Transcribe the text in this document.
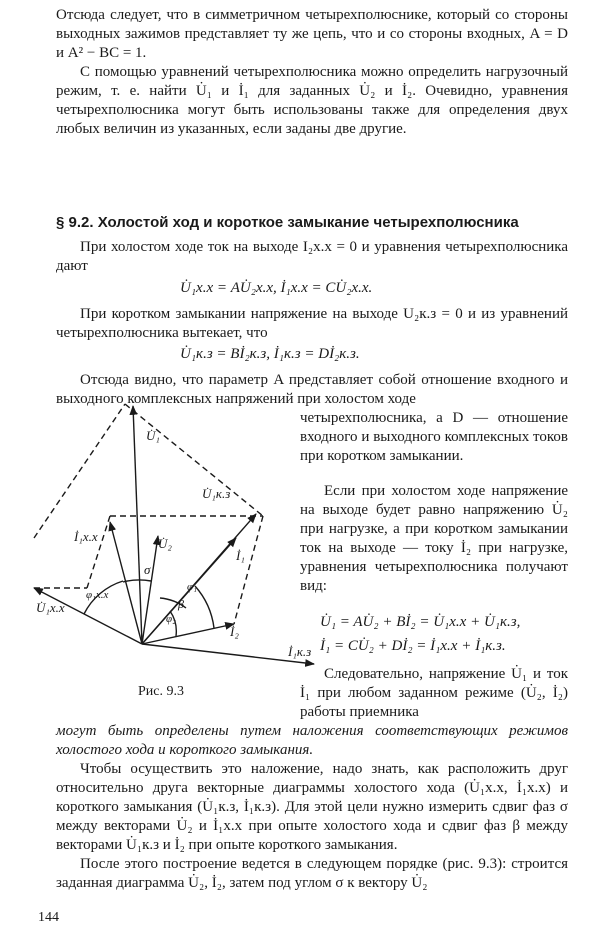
Отсюда следует, что в симметричном четырехполюснике, который со стороны выходных зажимов представляет ту же цепь, что и со стороны входных, A = D и A² − BC = 1.

С помощью уравнений четырехполюсника можно определить нагрузочный режим, т. е. найти U̇₁ и İ₁ для заданных U̇₂ и İ₂. Очевидно, уравнения четырехполюсника могут быть использованы также для определения двух любых величин из указанных, если заданы две другие.

§ 9.2. Холостой ход и короткое замыкание четырехполюсника

При холостом ходе ток на выходе I₂х.х = 0 и уравнения четырехполюсника дают

U̇₁х.х = AU̇₂х.х, İ₁х.х = CU̇₂х.х.

При коротком замыкании напряжение на выходе U₂к.з = 0 и из уравнений четырехполюсника вытекает, что

U̇₁к.з = Bİ₂к.з, İ₁к.з = Dİ₂к.з.

Отсюда видно, что параметр A представляет собой отношение входного и выходного комплексных напряжений при холостом ходе

четырехполюсника, а D — отношение входного и выходного комплексных токов при коротком замыкании.

Если при холостом ходе напряжение на выходе будет равно напряжению U̇₂ при нагрузке, а при коротком замыкании ток на выходе — току İ₂ при нагрузке, уравнения четырехполюсника получают вид:

U̇₁ = AU̇₂ + Bİ₂ = U̇₁х.х + U̇₁к.з,
İ₁ = CU̇₂ + Dİ₂ = İ₁х.х + İ₁к.з.

Следовательно, напряжение U̇₁ и ток İ₁ при любом заданном режиме (U̇₂, İ₂) работы приемника

могут быть определены путем наложения соответствующих режимов холостого хода и короткого замыкания.

Чтобы осуществить это наложение, надо знать, как расположить друг относительно друга векторные диаграммы холостого хода (U̇₁х.х, İ₁х.х) и короткого замыкания (U̇₁к.з, İ₁к.з). Для этой цели нужно измерить сдвиг фаз σ между векторами U̇₂ и İ₁х.х при опыте холостого хода и сдвиг фаз β между векторами U̇₁к.з и İ₂ при опыте короткого замыкания.

После этого построение ведется в следующем порядке (рис. 9.3): строится заданная диаграмма U̇₂, İ₂, затем под углом σ к вектору U̇₂

Рис. 9.3
144
U̇₁
U̇₁к.з
İ₁х.х	U̇₂
İ₁
U̇₁х.х
φ₁х.х
σ
β
φ₁
φ₂
İ₂
İ₁к.з
